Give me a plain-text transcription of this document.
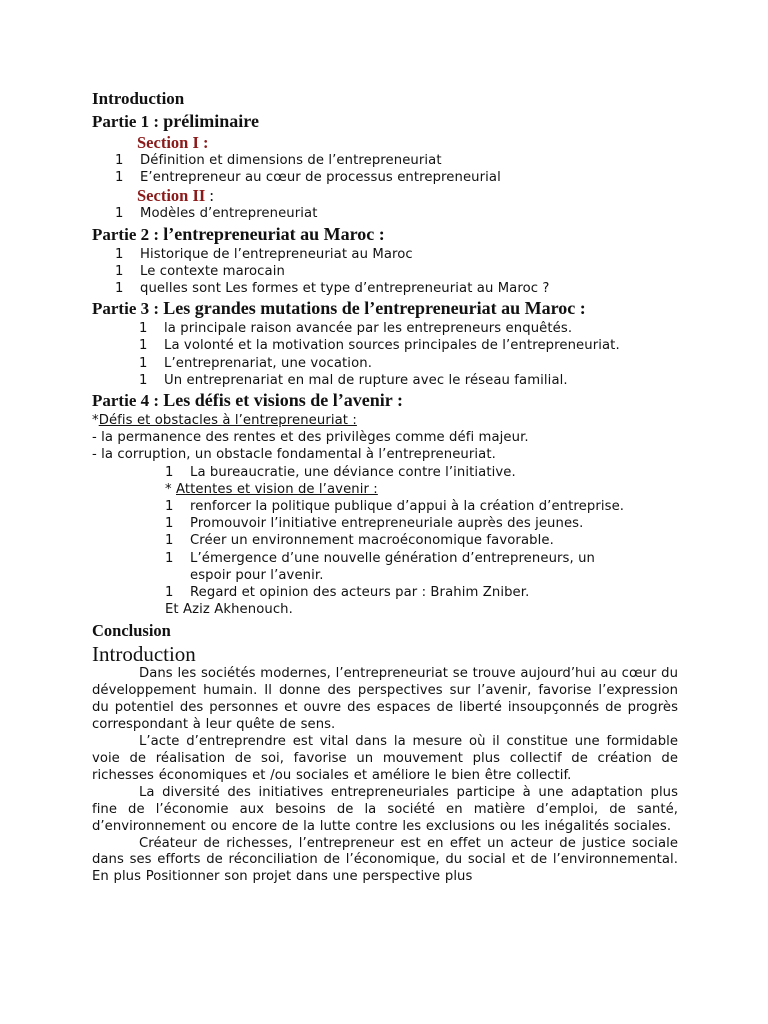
Introduction
Partie 1 : préliminaire
Section I :
1	Définition et dimensions de l’entrepreneuriat
1	E’entrepreneur au cœur de processus entrepreneurial
Section II :
1	Modèles d’entrepreneuriat
Partie 2 : l’entrepreneuriat au Maroc :
1	Historique de l’entrepreneuriat au Maroc
1	Le contexte marocain
1	quelles sont Les formes et type d’entrepreneuriat au Maroc ?
Partie 3 : Les grandes mutations de l’entrepreneuriat au Maroc :
1	la principale raison avancée par les entrepreneurs enquêtés.
1	La volonté et la motivation sources principales de l’entrepreneuriat.
1	L’entreprenariat, une vocation.
1	Un entreprenariat en mal de rupture avec le réseau familial.
Partie 4 : Les défis et visions de l’avenir :
*Défis et obstacles à l’entrepreneuriat :
- la permanence des rentes et des privilèges comme défi majeur.
- la corruption, un obstacle fondamental à l’entrepreneuriat.
1	La bureaucratie, une déviance contre l’initiative.
* Attentes et vision de l’avenir :
1	renforcer la politique publique d’appui à la création d’entreprise.
1	Promouvoir l’initiative entrepreneuriale auprès des jeunes.
1	Créer un environnement macroéconomique favorable.
1	L’émergence d’une nouvelle génération d’entrepreneurs, un
espoir pour l’avenir.
1	Regard et opinion des acteurs par : Brahim Zniber.
Et Aziz Akhenouch.
Conclusion
Introduction

Dans les sociétés modernes, l’entrepreneuriat se trouve aujourd’hui au cœur du développement humain. Il donne des perspectives sur l’avenir, favorise l’expression du potentiel des personnes et ouvre des espaces de liberté insoupçonnés de progrès correspondant à leur quête de sens.

L’acte d’entreprendre est vital dans la mesure où il constitue une formidable voie de réalisation de soi, favorise un mouvement plus collectif de création de richesses économiques et /ou sociales et améliore le bien être collectif.

La diversité des initiatives entrepreneuriales participe à une adaptation plus fine de l’économie aux besoins de la société en matière d’emploi, de santé, d’environnement ou encore de la lutte contre les exclusions ou les inégalités sociales.

Créateur de richesses, l’entrepreneur est en effet un acteur de justice sociale dans ses efforts de réconciliation de l’économique, du social et de l’environnemental. En plus Positionner son projet dans une perspective plus
